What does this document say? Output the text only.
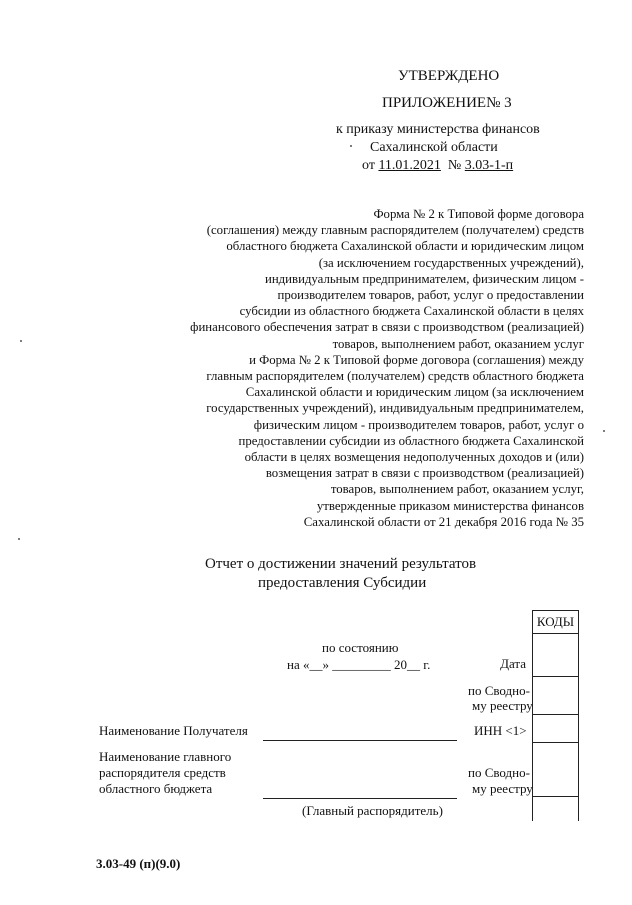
УТВЕРЖДЕНО
ПРИЛОЖЕНИЕ№ 3
к приказу министерства финансов
Сахалинской области
от 11.01.2021 № 3.03-1-п
Форма № 2 к Типовой форме договора
(соглашения) между главным распорядителем (получателем) средств
областного бюджета Сахалинской области и юридическим лицом
(за исключением государственных учреждений),
индивидуальным предпринимателем, физическим лицом -
производителем товаров, работ, услуг о предоставлении
субсидии из областного бюджета Сахалинской области в целях
финансового обеспечения затрат в связи с производством (реализацией)
товаров, выполнением работ, оказанием услуг
и Форма № 2 к Типовой форме договора (соглашения) между
главным распорядителем (получателем) средств областного бюджета
Сахалинской области и юридическим лицом (за исключением
государственных учреждений), индивидуальным предпринимателем,
физическим лицом - производителем товаров, работ, услуг о
предоставлении субсидии из областного бюджета Сахалинской
области в целях возмещения недополученных доходов и (или)
возмещения затрат в связи с производством (реализацией)
товаров, выполнением работ, оказанием услуг,
утвержденные приказом министерства финансов
Сахалинской области от 21 декабря 2016 года № 35
Отчет о достижении значений результатов
предоставления Субсидии
КОДЫ
Дата
по Сводно-
му реестру
ИНН <1>
по Сводно-
му реестру
по состоянию
на «__» _________ 20__ г.
Наименование Получателя
Наименование главного
распорядителя средств
областного бюджета
(Главный распорядитель)
3.03-49 (п)(9.0)
